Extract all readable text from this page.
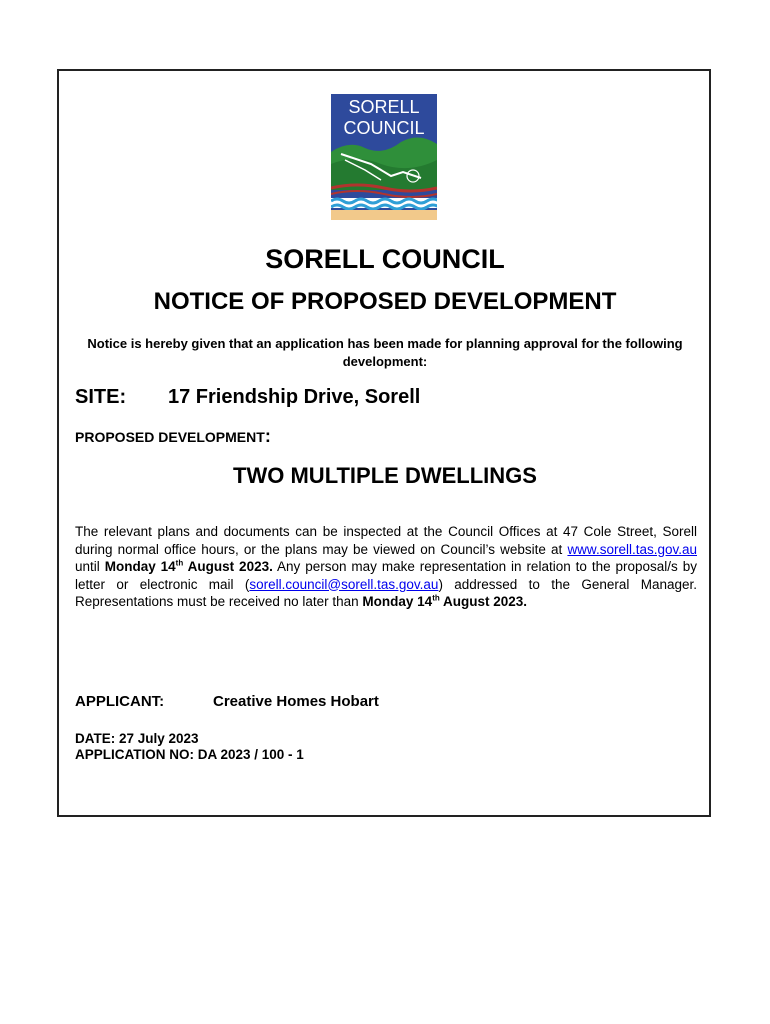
SORELL
COUNCIL
SORELL COUNCIL
NOTICE OF PROPOSED DEVELOPMENT
Notice is hereby given that an application has been made for planning approval for the following development:
SITE: 17 Friendship Drive, Sorell
PROPOSED DEVELOPMENT:
TWO MULTIPLE DWELLINGS
The relevant plans and documents can be inspected at the Council Offices at 47 Cole Street, Sorell during normal office hours, or the plans may be viewed on Council’s website at www.sorell.tas.gov.au until Monday 14th August 2023. Any person may make representation in relation to the proposal/s by letter or electronic mail (sorell.council@sorell.tas.gov.au) addressed to the General Manager. Representations must be received no later than Monday 14th August 2023.
APPLICANT:	Creative Homes Hobart
DATE: 27 July 2023
APPLICATION NO: DA 2023 / 100 - 1
